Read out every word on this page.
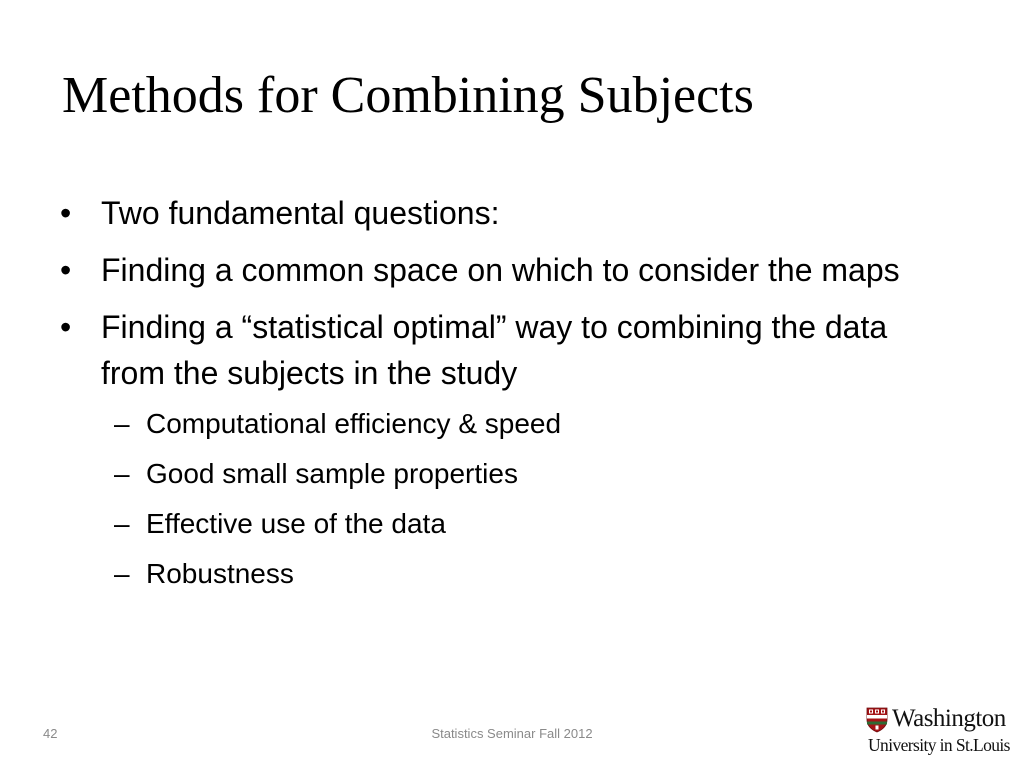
Methods for Combining Subjects
• Two fundamental questions:
• Finding a common space on which to consider the maps
• Finding a “statistical optimal” way to combining the data from the subjects in the study
– Computational efficiency & speed
– Good small sample properties
– Effective use of the data
– Robustness
42	Statistics Seminar Fall 2012
Washington
University in St.Louis
